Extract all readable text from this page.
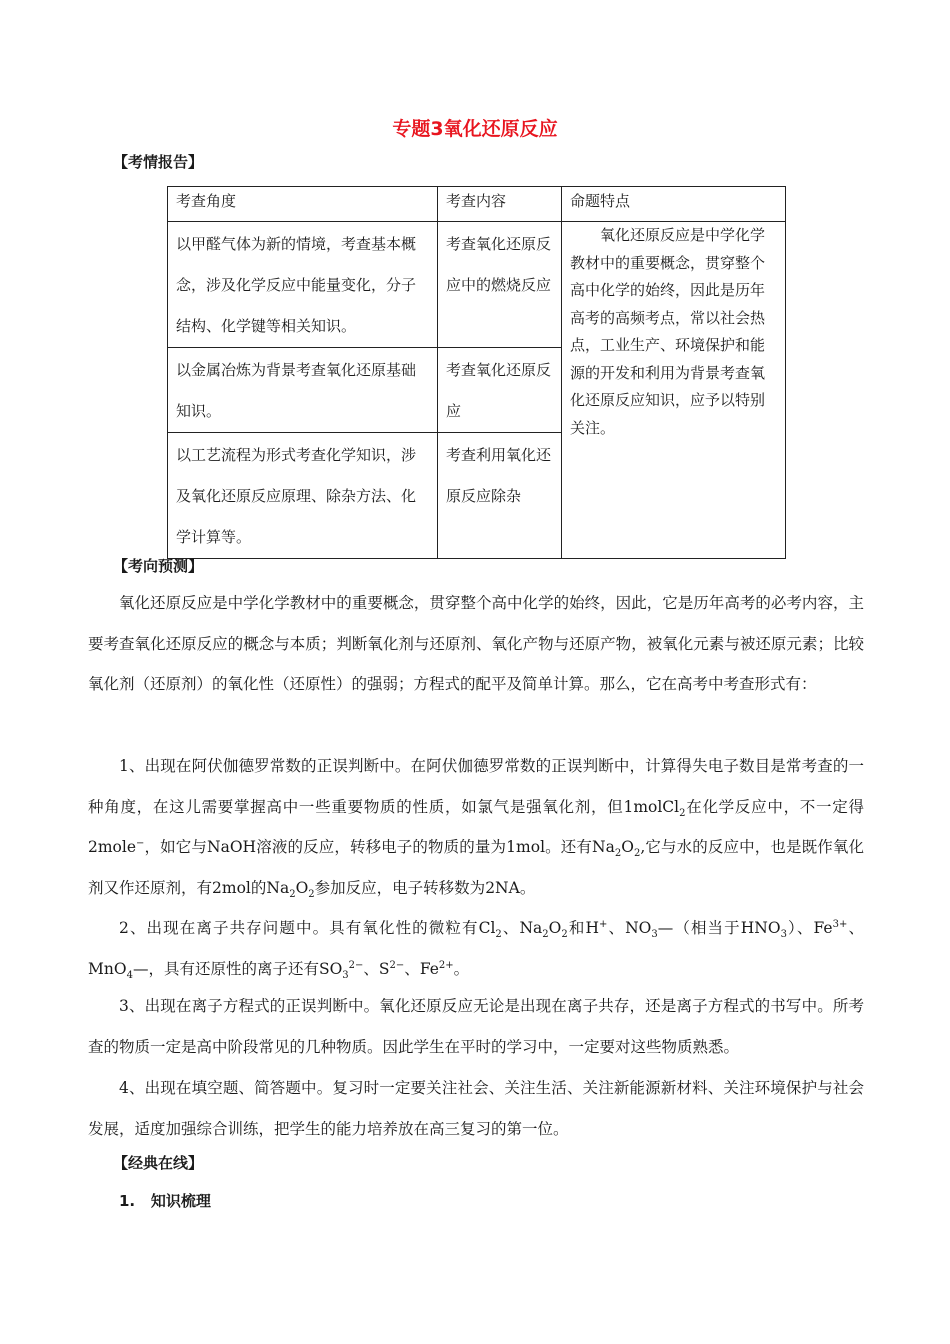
专题3氧化还原反应
【考情报告】
考查角度	考查内容	命题特点
以甲醛气体为新的情境，考查基本概念，涉及化学反应中能量变化，分子结构、化学键等相关知识。	考查氧化还原反应中的燃烧反应	氧化还原反应是中学化学教材中的重要概念，贯穿整个高中化学的始终，因此是历年高考的高频考点，常以社会热点，工业生产、环境保护和能源的开发和利用为背景考查氧化还原反应知识，应予以特别关注。
以金属冶炼为背景考查氧化还原基础知识。	考查氧化还原反应	
以工艺流程为形式考查化学知识，涉及氧化还原反应原理、除杂方法、化学计算等。	考查利用氧化还原反应除杂	
【考向预测】
氧化还原反应是中学化学教材中的重要概念，贯穿整个高中化学的始终，因此，它是历年高考的必考内容，主要考查氧化还原反应的概念与本质；判断氧化剂与还原剂、氧化产物与还原产物，被氧化元素与被还原元素；比较氧化剂（还原剂）的氧化性（还原性）的强弱；方程式的配平及简单计算。那么，它在高考中考查形式有：
1、出现在阿伏伽德罗常数的正误判断中。在阿伏伽德罗常数的正误判断中，计算得失电子数目是常考查的一种角度，在这儿需要掌握高中一些重要物质的性质，如氯气是强氧化剂，但1molCl$_2$在化学反应中，不一定得2mole−，如它与NaOH溶液的反应，转移电子的物质的量为1mol。还有$Na_2O_2$,它与水的反应中，也是既作氧化剂又作还原剂，有2mol的$Na_2O_2$参加反应，电子转移数为2NA。
2、出现在离子共存问题中。具有氧化性的微粒有$Cl_2$、$Na_2O_2$和H+、$NO_3—$（相当于$HNO_3$）、$Fe^{3+}$、MnO$_4$—，具有还原性的离子还有$SO_3^{2-}$、$S^{2-}$、$Fe^{2+}$。
3、出现在离子方程式的正误判断中。氧化还原反应无论是出现在离子共存，还是离子方程式的书写中。所考查的物质一定是高中阶段常见的几种物质。因此学生在平时的学习中，一定要对这些物质熟悉。
4、出现在填空题、简答题中。复习时一定要关注社会、关注生活、关注新能源新材料、关注环境保护与社会发展，适度加强综合训练，把学生的能力培养放在高三复习的第一位。
【经典在线】
1. 知识梳理
